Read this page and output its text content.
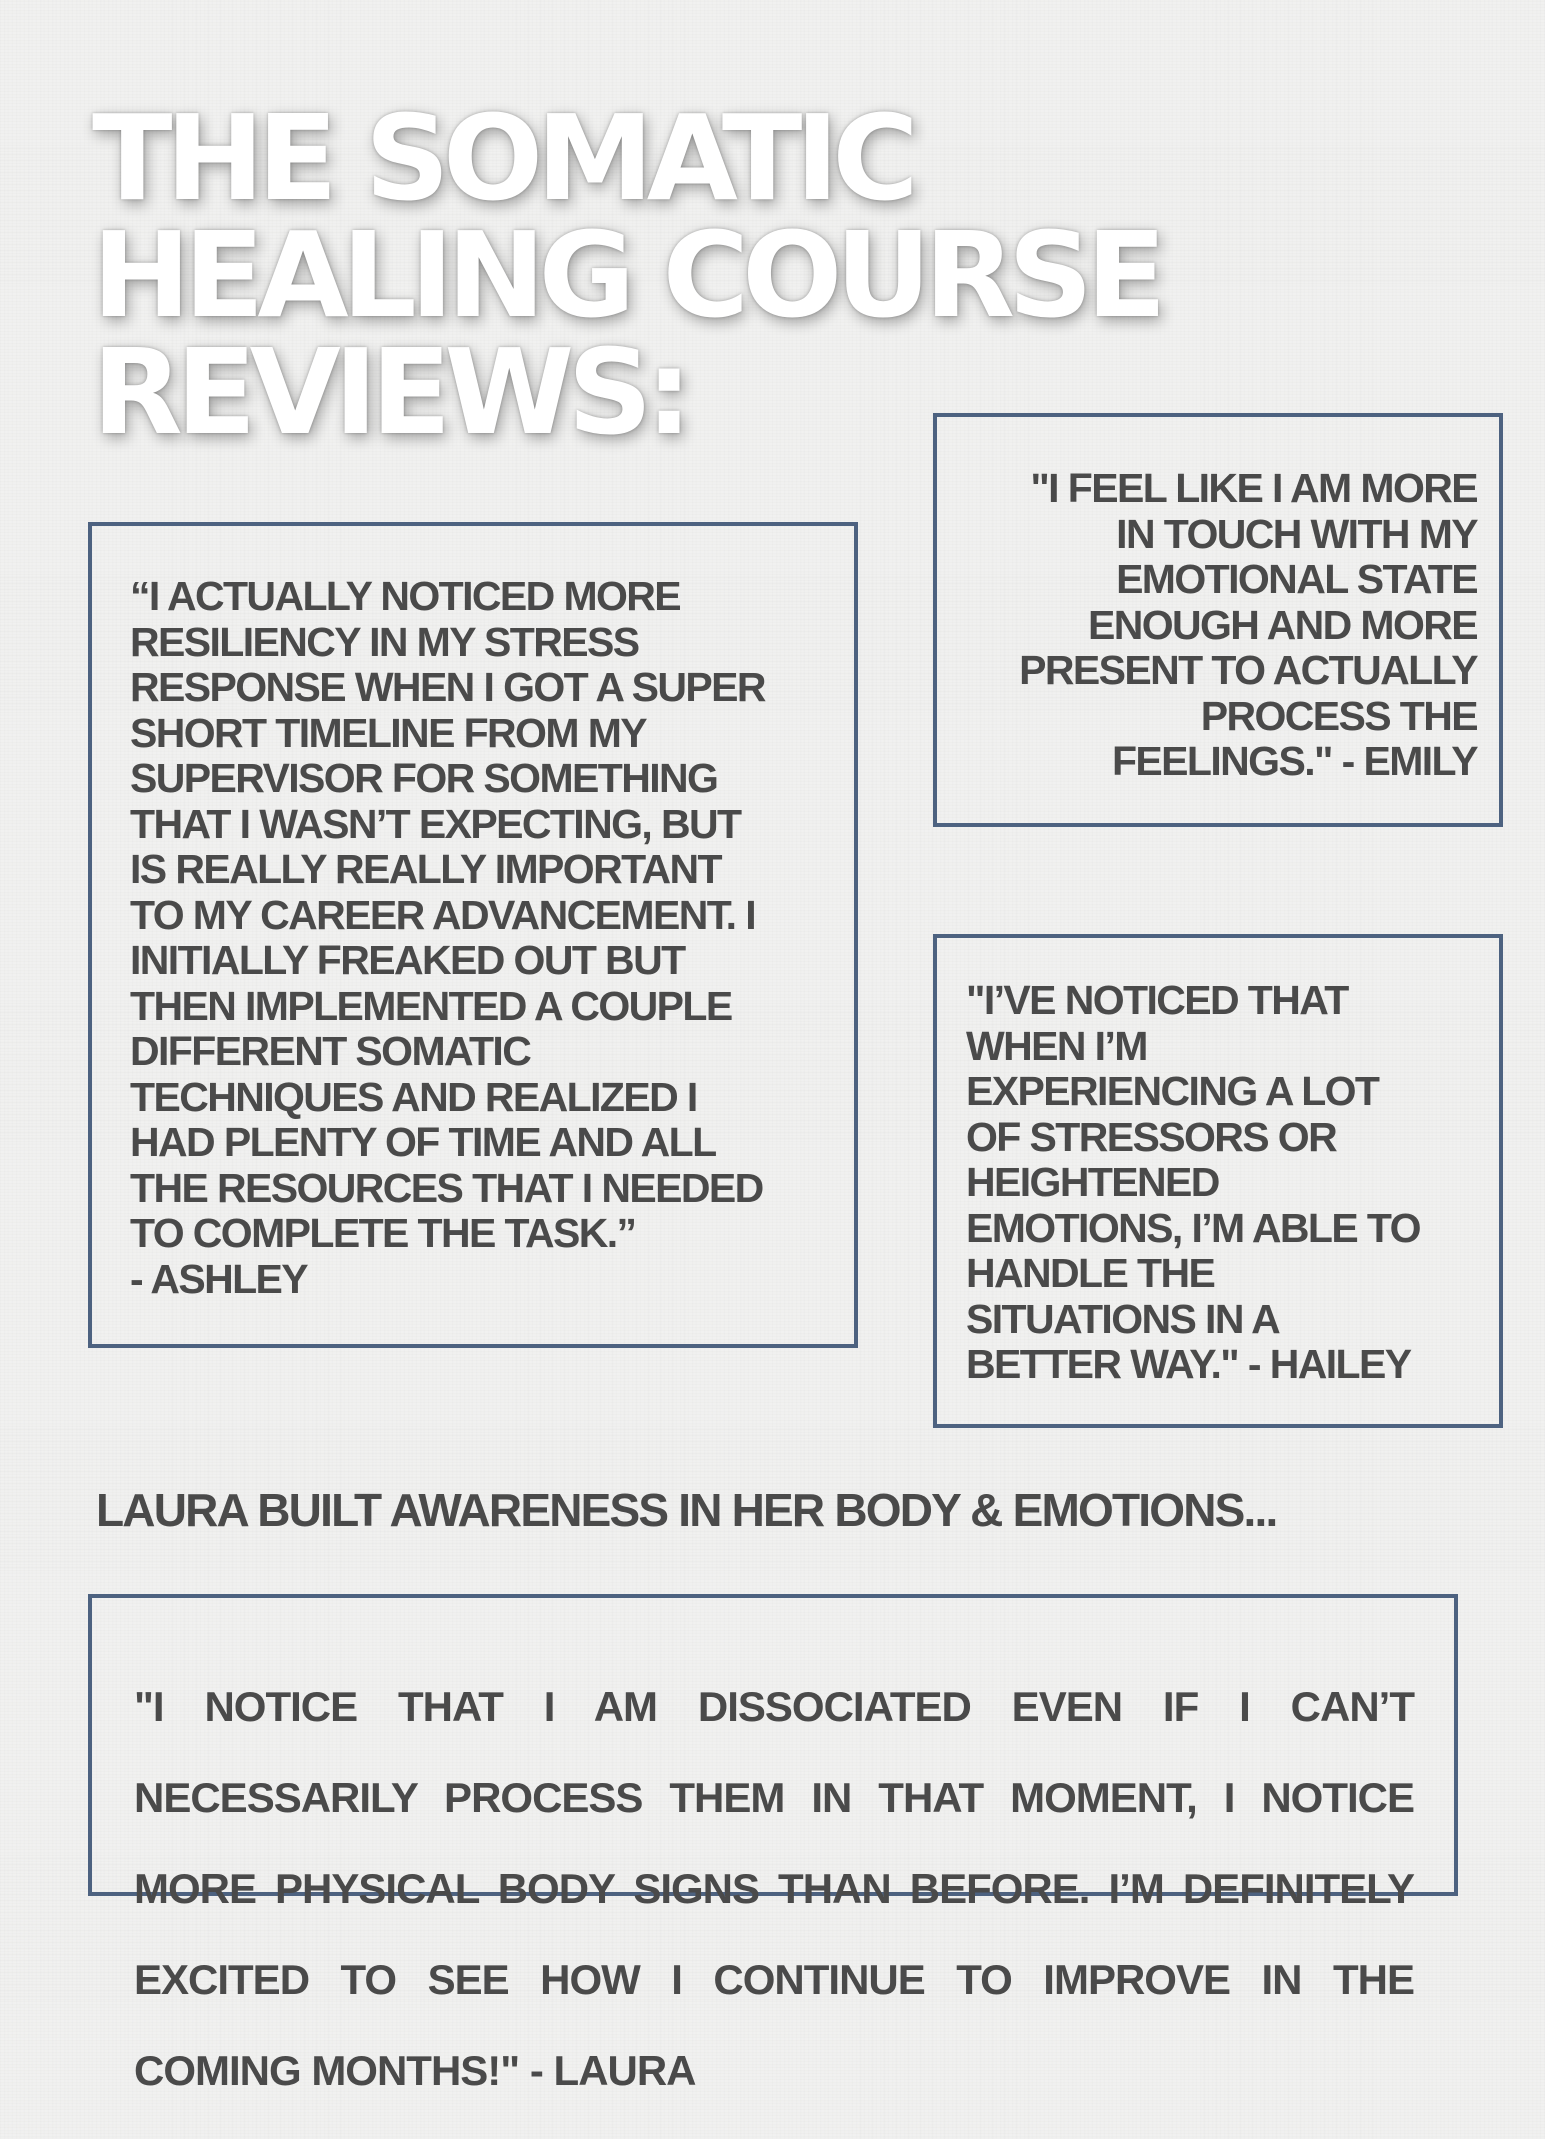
THE SOMATIC
HEALING COURSE
REVIEWS:

“I ACTUALLY NOTICED MORE
RESILIENCY IN MY STRESS
RESPONSE WHEN I GOT A SUPER
SHORT TIMELINE FROM MY
SUPERVISOR FOR SOMETHING
THAT I WASN’T EXPECTING, BUT
IS REALLY REALLY IMPORTANT
TO MY CAREER ADVANCEMENT. I
INITIALLY FREAKED OUT BUT
THEN IMPLEMENTED A COUPLE
DIFFERENT SOMATIC
TECHNIQUES AND REALIZED I
HAD PLENTY OF TIME AND ALL
THE RESOURCES THAT I NEEDED
TO COMPLETE THE TASK.”
- ASHLEY

"I FEEL LIKE I AM MORE
IN TOUCH WITH MY
EMOTIONAL STATE
ENOUGH AND MORE
PRESENT TO ACTUALLY
PROCESS THE
FEELINGS." - EMILY

"I’VE NOTICED THAT
WHEN I’M
EXPERIENCING A LOT
OF STRESSORS OR
HEIGHTENED
EMOTIONS, I’M ABLE TO
HANDLE THE
SITUATIONS IN A
BETTER WAY." - HAILEY

LAURA BUILT AWARENESS IN HER BODY & EMOTIONS...

"I NOTICE THAT I AM DISSOCIATED EVEN IF I CAN’T

NECESSARILY PROCESS THEM IN THAT MOMENT, I NOTICE

MORE PHYSICAL BODY SIGNS THAN BEFORE. I’M DEFINITELY

EXCITED TO SEE HOW I CONTINUE TO IMPROVE IN THE

COMING MONTHS!" - LAURA
